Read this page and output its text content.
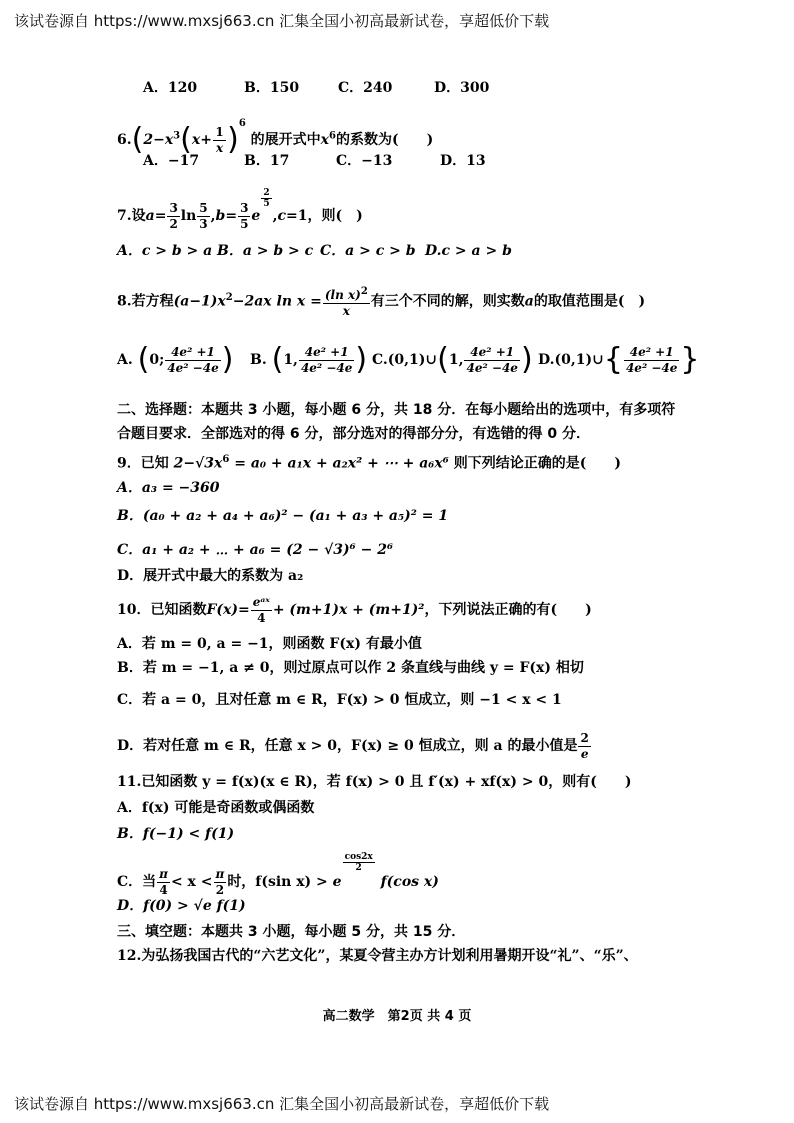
该试卷源自 https://www.mxsj663.cn 汇集全国小初高最新试卷，享超低价下载
A．120	B．150	C．240	D．300
$6.(2-x^3(x+ \frac{1}{x} )^6$ 的展开式中$x^6$的系数为(　　)
A．−17	B．17	C．−13	D．13
7.设$a= \frac{3}{2}$ $\ln \frac{5}{3} ,b= \frac{3}{5}$ e
$\frac{2}{5}$
,c=1，则(　)
A．c > b > a B．a > b > c C．a > c > b D.c > a > b
8.若方程$(a-1)x^2-2ax$ $\ln x = \frac{(\ln x)^2}{x}$ 有三个不同的解，则实数a的取值范围是(　)
A. (0; $\frac{\text{4e² +1}}{\text{4e² −4e}}$ ) B. (1, $\frac{\text{4e² +1}}{\text{4e² −4e}}$ ) C.(0,1)∪(1, $\frac{\text{4e² +1}}{\text{4e² −4e}}$ ) D.(0,1)∪{ $\frac{\text{4e² +1}}{\text{4e² −4e}}$ }
二、选择题：本题共 3 小题，每小题 6 分，共 18 分．在每小题给出的选项中，有多项符
合题目要求．全部选对的得 6 分，部分选对的得部分分，有选错的得 0 分．
9．已知 $2-√3x^6 = a_0 + a_1x + a_2x^2$ + ⋯ + a₆x⁶ 则下列结论正确的是(　　)
A．a₃ = −360
B．(a₀ + a₂ + a₄ + a₆)² − (a₁ + a₃ + a₅)² = 1
C．a₁ + a₂ + ⋯ + a₆ = (2 − √3)⁶ − 2⁶
D．展开式中最大的系数为 a₂
10．已知函数F(x)=
eᵃˣ
4 + (m+1)x + (m+1)²，下列说法正确的有(　　)
A．若 m = 0, a = −1，则函数 F(x) 有最小值
B．若 m = −1, a ≠ 0，则过原点可以作 2 条直线与曲线 y = F(x) 相切
C．若 a = 0，且对任意 m ∈ R，F(x) > 0 恒成立，则 −1 < x < 1
D．若对任意 m ∈ R，任意 x > 0，F(x) ≥ 0 恒成立，则 a 的最小值是 $\frac{2}{e}$
11.已知函数 y = f(x)(x ∈ R)，若 f(x) > 0 且 f′(x) + xf(x) > 0，则有(　　)
A．f(x) 可能是奇函数或偶函数
B．f(−1) < f(1)
C．当 $\frac{\pi}{4} < x < \frac{\pi}{2}$ 时，f(sin x) > e
$\frac{\cos 2x}{2}$
f(cos x)
D．f(0) > √e f(1)
三、填空题：本题共 3 小题，每小题 5 分，共 15 分．
12.为弘扬我国古代的“六艺文化”，某夏令营主办方计划利用暑期开设“礼”、“乐”、
高二数学　第2页 共 4 页
该试卷源自 https://www.mxsj663.cn 汇集全国小初高最新试卷，享超低价下载
